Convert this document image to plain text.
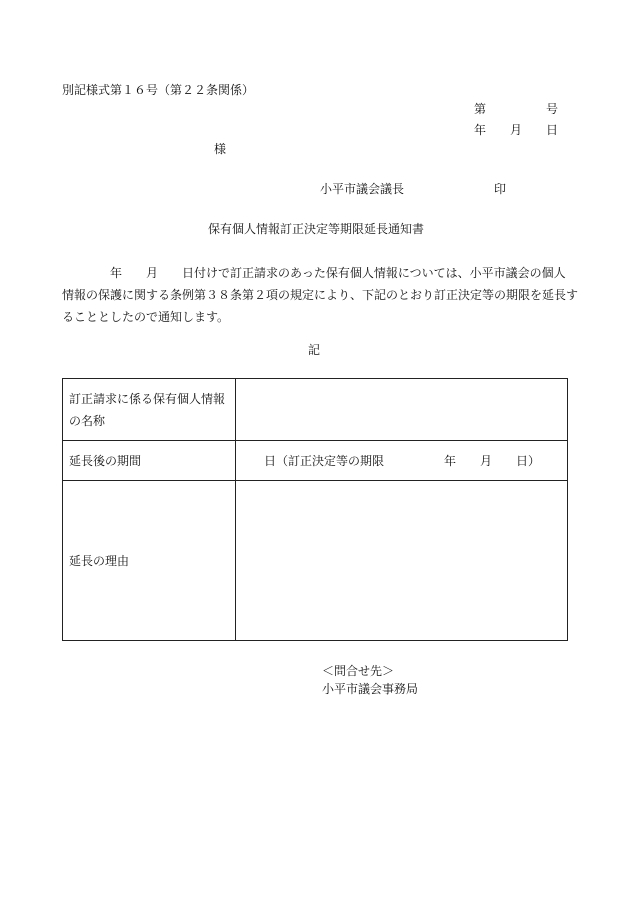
別記様式第１６号（第２２条関係）
第　　　　　号
年　　月　　日
様
小平市議会議長	印
保有個人情報訂正決定等期限延長通知書
　　　　年　　月　　日付けで訂正請求のあった保有個人情報については、小平市議会の個人
情報の保護に関する条例第３８条第２項の規定により、下記のとおり訂正決定等の期限を延長す
ることとしたので通知します。
記
訂正請求に係る保有個人情報
の名称	

延長後の期間	日（訂正決定等の期限　　　　　年　　月　　日）
延長の理由	
＜問合せ先＞
小平市議会事務局
